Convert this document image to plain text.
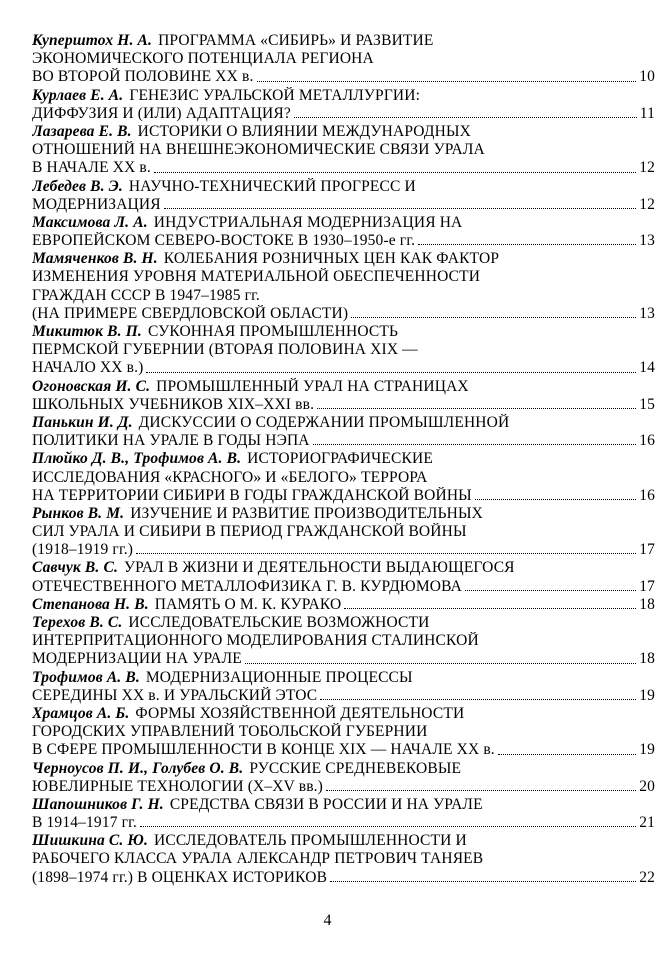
Куперштох Н. А. ПРОГРАММА «СИБИРЬ» И РАЗВИТИЕ
ЭКОНОМИЧЕСКОГО ПОТЕНЦИАЛА РЕГИОНА
ВО ВТОРОЙ ПОЛОВИНЕ XX в.	10
Курлаев Е. А. ГЕНЕЗИС УРАЛЬСКОЙ МЕТАЛЛУРГИИ:
ДИФФУЗИЯ И (ИЛИ) АДАПТАЦИЯ?	11
Лазарева Е. В. ИСТОРИКИ О ВЛИЯНИИ МЕЖДУНАРОДНЫХ
ОТНОШЕНИЙ НА ВНЕШНЕЭКОНОМИЧЕСКИЕ СВЯЗИ УРАЛА
В НАЧАЛЕ XX в.	12
Лебедев В. Э. НАУЧНО-ТЕХНИЧЕСКИЙ ПРОГРЕСС И
МОДЕРНИЗАЦИЯ	12
Максимова Л. А. ИНДУСТРИАЛЬНАЯ МОДЕРНИЗАЦИЯ НА
ЕВРОПЕЙСКОМ СЕВЕРО-ВОСТОКЕ В 1930–1950-е гг.	13
Мамяченков В. Н. КОЛЕБАНИЯ РОЗНИЧНЫХ ЦЕН КАК ФАКТОР
ИЗМЕНЕНИЯ УРОВНЯ МАТЕРИАЛЬНОЙ ОБЕСПЕЧЕННОСТИ
ГРАЖДАН СССР В 1947–1985 гг.
(НА ПРИМЕРЕ СВЕРДЛОВСКОЙ ОБЛАСТИ)	13
Микитюк В. П. СУКОННАЯ ПРОМЫШЛЕННОСТЬ
ПЕРМСКОЙ ГУБЕРНИИ (ВТОРАЯ ПОЛОВИНА XIX —
НАЧАЛО XX в.)	14
Огоновская И. С. ПРОМЫШЛЕННЫЙ УРАЛ НА СТРАНИЦАХ
ШКОЛЬНЫХ УЧЕБНИКОВ XIX–XXI вв.	15
Панькин И. Д. ДИСКУССИИ О СОДЕРЖАНИИ ПРОМЫШЛЕННОЙ
ПОЛИТИКИ НА УРАЛЕ В ГОДЫ НЭПА	16
Плюйко Д. В., Трофимов А. В. ИСТОРИОГРАФИЧЕСКИЕ
ИССЛЕДОВАНИЯ «КРАСНОГО» И «БЕЛОГО» ТЕРРОРА
НА ТЕРРИТОРИИ СИБИРИ В ГОДЫ ГРАЖДАНСКОЙ ВОЙНЫ	16
Рынков В. М. ИЗУЧЕНИЕ И РАЗВИТИЕ ПРОИЗВОДИТЕЛЬНЫХ
СИЛ УРАЛА И СИБИРИ В ПЕРИОД ГРАЖДАНСКОЙ ВОЙНЫ
(1918–1919 гг.)	17
Савчук В. С. УРАЛ В ЖИЗНИ И ДЕЯТЕЛЬНОСТИ ВЫДАЮЩЕГОСЯ
ОТЕЧЕСТВЕННОГО МЕТАЛЛОФИЗИКА Г. В. КУРДЮМОВА	17
Степанова Н. В. ПАМЯТЬ О М. К. КУРАКО	18
Терехов В. С. ИССЛЕДОВАТЕЛЬСКИЕ ВОЗМОЖНОСТИ
ИНТЕРПРИТАЦИОННОГО МОДЕЛИРОВАНИЯ СТАЛИНСКОЙ
МОДЕРНИЗАЦИИ НА УРАЛЕ	18
Трофимов А. В. МОДЕРНИЗАЦИОННЫЕ ПРОЦЕССЫ
СЕРЕДИНЫ XX в. И УРАЛЬСКИЙ ЭТОС	19
Храмцов А. Б. ФОРМЫ ХОЗЯЙСТВЕННОЙ ДЕЯТЕЛЬНОСТИ
ГОРОДСКИХ УПРАВЛЕНИЙ ТОБОЛЬСКОЙ ГУБЕРНИИ
В СФЕРЕ ПРОМЫШЛЕННОСТИ В КОНЦЕ XIX — НАЧАЛЕ XX в.	19
Черноусов П. И., Голубев О. В. РУССКИЕ СРЕДНЕВЕКОВЫЕ
ЮВЕЛИРНЫЕ ТЕХНОЛОГИИ (X–XV вв.)	20
Шапошников Г. Н. СРЕДСТВА СВЯЗИ В РОССИИ И НА УРАЛЕ
В 1914–1917 гг.	21
Шишкина С. Ю. ИССЛЕДОВАТЕЛЬ ПРОМЫШЛЕННОСТИ И
РАБОЧЕГО КЛАССА УРАЛА АЛЕКСАНДР ПЕТРОВИЧ ТАНЯЕВ
(1898–1974 гг.) В ОЦЕНКАХ ИСТОРИКОВ	22
4
